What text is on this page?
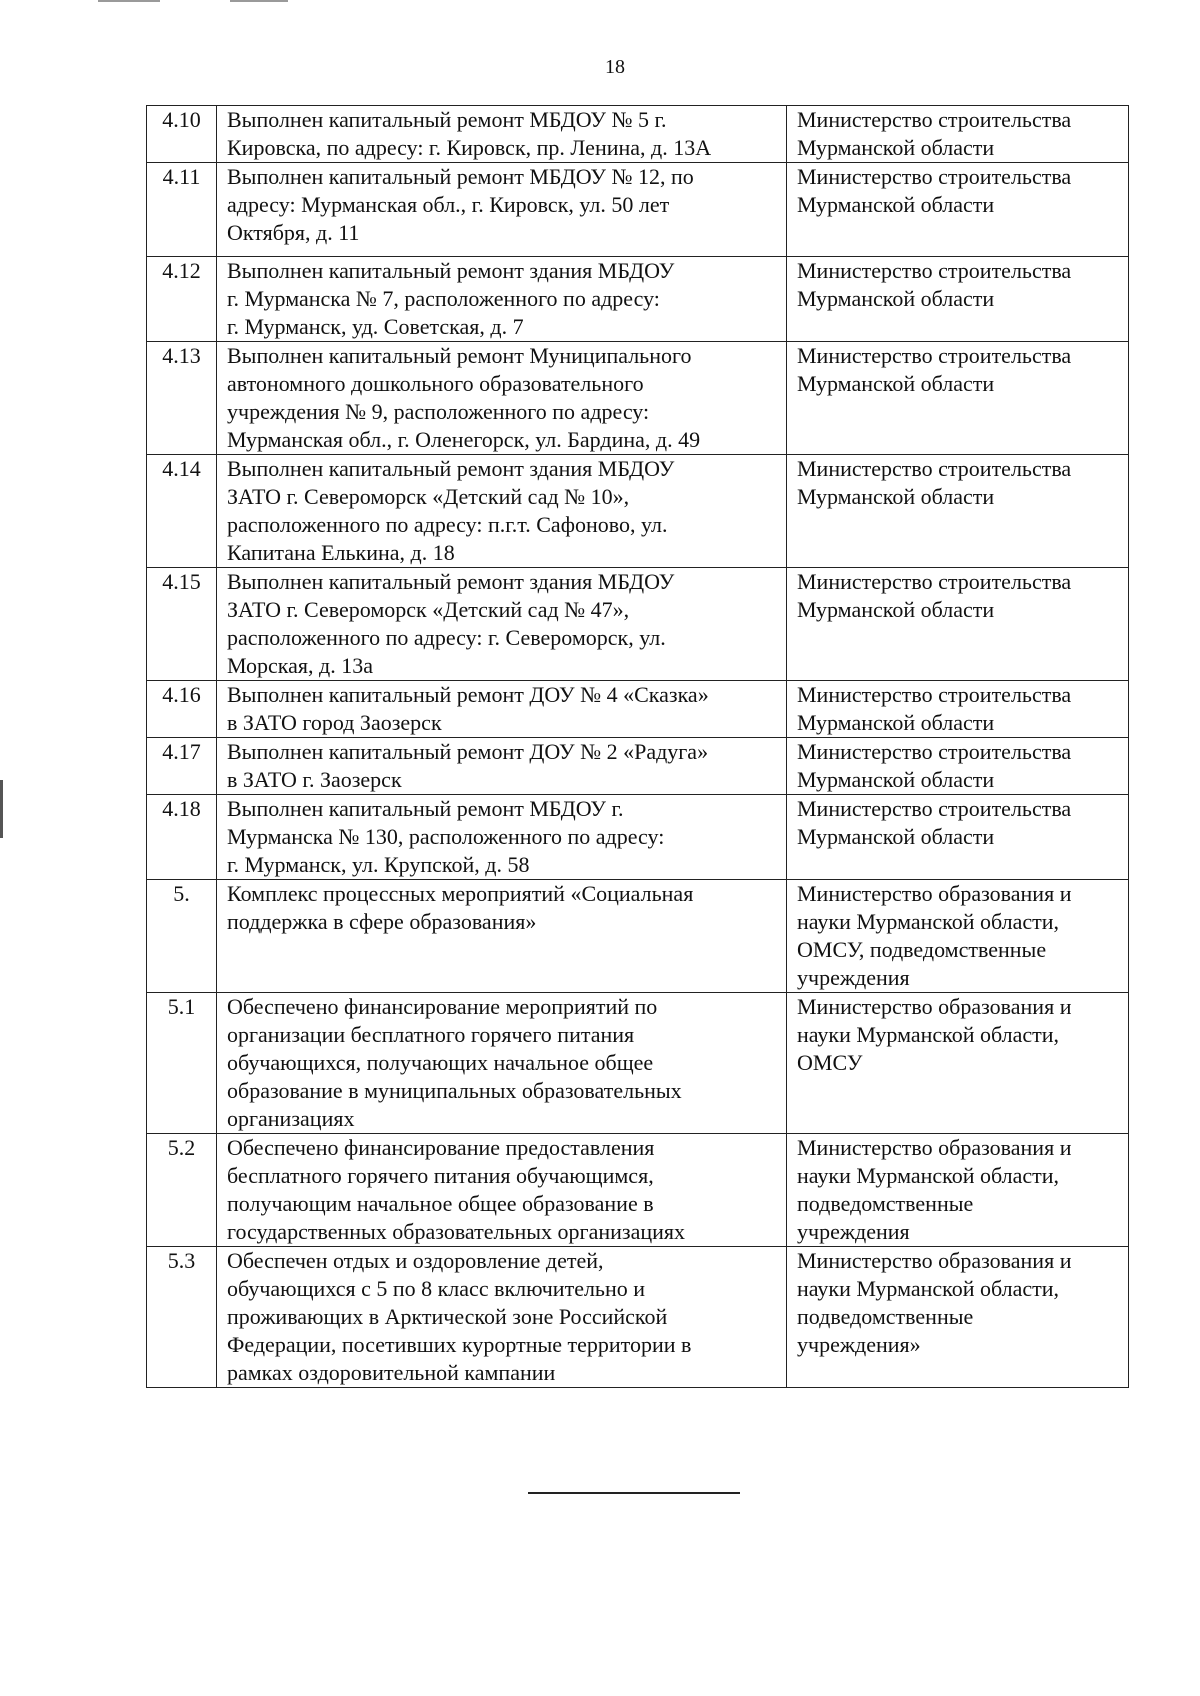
18
4.10	Выполнен капитальный ремонт МБДОУ № 5 г.
Кировска, по адресу: г. Кировск, пр. Ленина, д. 13А	Министерство строительства
Мурманской области
4.11	Выполнен капитальный ремонт МБДОУ № 12, по
адресу: Мурманская обл., г. Кировск, ул. 50 лет
Октября, д. 11	Министерство строительства
Мурманской области
4.12	Выполнен капитальный ремонт здания МБДОУ
г. Мурманска № 7, расположенного по адресу:
г. Мурманск, уд. Советская, д. 7	Министерство строительства
Мурманской области
4.13	Выполнен капитальный ремонт Муниципального
автономного дошкольного образовательного
учреждения № 9, расположенного по адресу:
Мурманская обл., г. Оленегорск, ул. Бардина, д. 49	Министерство строительства
Мурманской области
4.14	Выполнен капитальный ремонт здания МБДОУ
ЗАТО г. Североморск «Детский сад № 10»,
расположенного по адресу: п.г.т. Сафоново, ул.
Капитана Елькина, д. 18	Министерство строительства
Мурманской области
4.15	Выполнен капитальный ремонт здания МБДОУ
ЗАТО г. Североморск «Детский сад № 47»,
расположенного по адресу: г. Североморск, ул.
Морская, д. 13а	Министерство строительства
Мурманской области
4.16	Выполнен капитальный ремонт ДОУ № 4 «Сказка»
в ЗАТО город Заозерск	Министерство строительства
Мурманской области
4.17	Выполнен капитальный ремонт ДОУ № 2 «Радуга»
в ЗАТО г. Заозерск	Министерство строительства
Мурманской области
4.18	Выполнен капитальный ремонт МБДОУ г.
Мурманска № 130, расположенного по адресу:
г. Мурманск, ул. Крупской, д. 58	Министерство строительства
Мурманской области
5.	Комплекс процессных мероприятий «Социальная
поддержка в сфере образования»	Министерство образования и
науки Мурманской области,
ОМСУ, подведомственные
учреждения
5.1	Обеспечено финансирование мероприятий по
организации бесплатного горячего питания
обучающихся, получающих начальное общее
образование в муниципальных образовательных
организациях	Министерство образования и
науки Мурманской области,
ОМСУ
5.2	Обеспечено финансирование предоставления
бесплатного горячего питания обучающимся,
получающим начальное общее образование в
государственных образовательных организациях	Министерство образования и
науки Мурманской области,
подведомственные
учреждения
5.3	Обеспечен отдых и оздоровление детей,
обучающихся с 5 по 8 класс включительно и
проживающих в Арктической зоне Российской
Федерации, посетивших курортные территории в
рамках оздоровительной кампании	Министерство образования и
науки Мурманской области,
подведомственные
учреждения»
